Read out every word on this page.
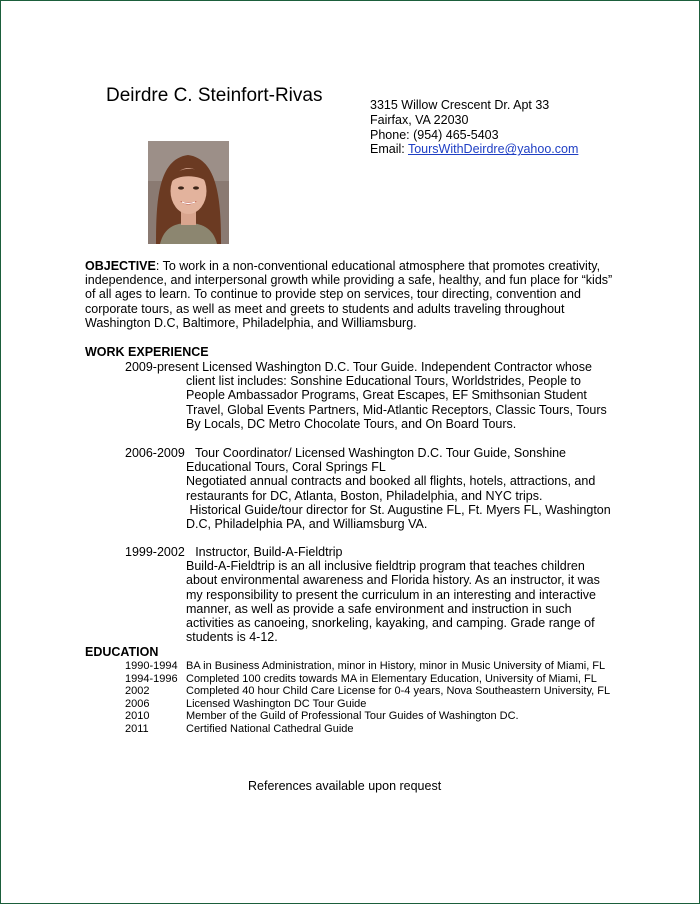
Deirdre C. Steinfort-Rivas	3315 Willow Crescent Dr. Apt 33
Fairfax, VA 22030
Phone: (954) 465-5403
Email: ToursWithDeirdre@yahoo.com
OBJECTIVE: To work in a non-conventional educational atmosphere that promotes creativity, independence, and interpersonal growth while providing a safe, healthy, and fun place for “kids” of all ages to learn. To continue to provide step on services, tour directing, convention and corporate tours, as well as meet and greets to students and adults traveling throughout Washington D.C, Baltimore, Philadelphia, and Williamsburg.
WORK EXPERIENCE
2009-present Licensed Washington D.C. Tour Guide. Independent Contractor whose
client list includes: Sonshine Educational Tours, Worldstrides, People to
People Ambassador Programs, Great Escapes, EF Smithsonian Student
Travel, Global Events Partners, Mid-Atlantic Receptors, Classic Tours, Tours
By Locals, DC Metro Chocolate Tours, and On Board Tours.
2006-2009   Tour Coordinator/ Licensed Washington D.C. Tour Guide, Sonshine
Educational Tours, Coral Springs FL
Negotiated annual contracts and booked all flights, hotels, attractions, and
restaurants for DC, Atlanta, Boston, Philadelphia, and NYC trips.
Historical Guide/tour director for St. Augustine FL, Ft. Myers FL, Washington
D.C, Philadelphia PA, and Williamsburg VA.
1999-2002   Instructor, Build-A-Fieldtrip
Build-A-Fieldtrip is an all inclusive fieldtrip program that teaches children
about environmental awareness and Florida history. As an instructor, it was
my responsibility to present the curriculum in an interesting and interactive
manner, as well as provide a safe environment and instruction in such
activities as canoeing, snorkeling, kayaking, and camping. Grade range of
students is 4-12.
EDUCATION
1990-1994 BA in Business Administration, minor in History, minor in Music University of Miami, FL
1994-1996 Completed 100 credits towards MA in Elementary Education, University of Miami, FL
2002	Completed 40 hour Child Care License for 0-4 years, Nova Southeastern University, FL
2006	Licensed Washington DC Tour Guide
2010	Member of the Guild of Professional Tour Guides of Washington DC.
2011	Certified National Cathedral Guide
References available upon request
